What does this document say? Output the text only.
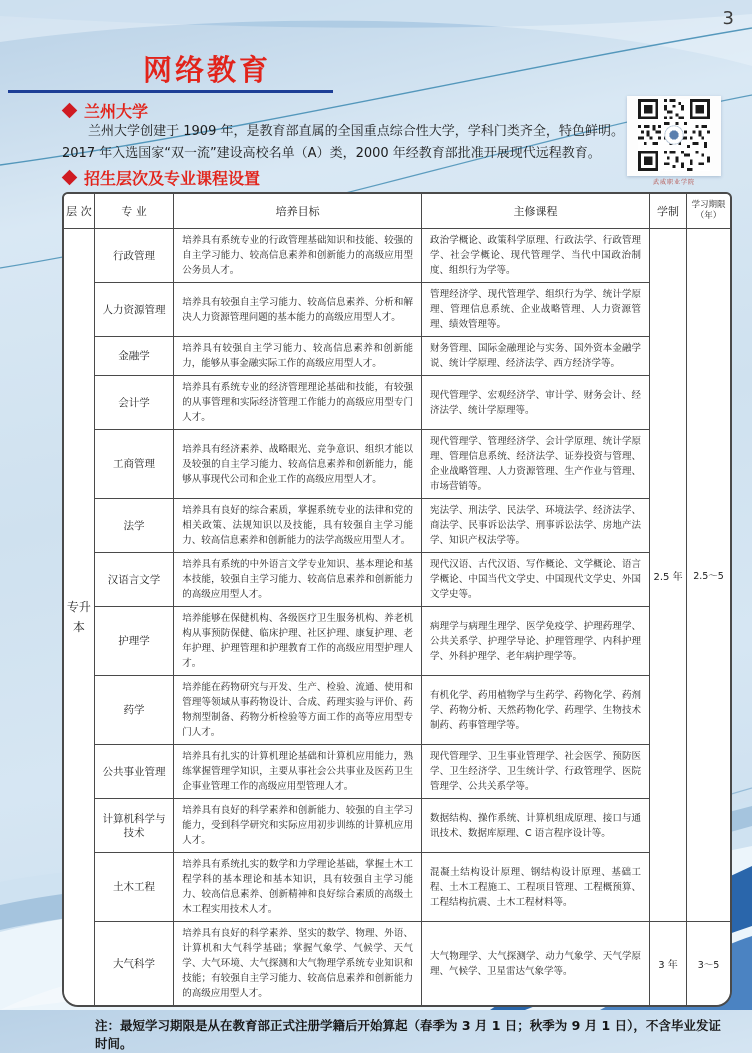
3
网络教育
兰州大学
兰州大学创建于 1909 年，是教育部直属的全国重点综合性大学，学科门类齐全，特色鲜明。2017 年入选国家“双一流”建设高校名单（A）类，2000 年经教育部批准开展现代远程教育。
招生层次及专业课程设置	武威职业学院
层 次	专 业	培养目标	主修课程	学制	学习期限（年）
专升本	行政管理	培养具有系统专业的行政管理基础知识和技能、较强的自主学习能力、较高信息素养和创新能力的高级应用型公务员人才。	政治学概论、政策科学原理、行政法学、行政管理学、社会学概论、现代管理学、当代中国政治制度、组织行为学等。	2.5 年	2.5～5
	人力资源管理	培养具有较强自主学习能力、较高信息素养、分析和解决人力资源管理问题的基本能力的高级应用型人才。	管理经济学、现代管理学、组织行为学、统计学原理、管理信息系统、企业战略管理、人力资源管理、绩效管理等。		
	金融学	培养具有较强自主学习能力、较高信息素养和创新能力，能够从事金融实际工作的高级应用型人才。	财务管理、国际金融理论与实务、国外资本金融学说、统计学原理、经济法学、西方经济学等。		
	会计学	培养具有系统专业的经济管理理论基础和技能，有较强的从事管理和实际经济管理工作能力的高级应用型专门人才。	现代管理学、宏观经济学、审计学、财务会计、经济法学、统计学原理等。		
	工商管理	培养具有经济素养、战略眼光、竞争意识、组织才能以及较强的自主学习能力、较高信息素养和创新能力，能够从事现代公司和企业工作的高级应用型人才。	现代管理学、管理经济学、会计学原理、统计学原理、管理信息系统、经济法学、证券投资与管理、企业战略管理、人力资源管理、生产作业与管理、市场营销等。		
	法学	培养具有良好的综合素质，掌握系统专业的法律和党的相关政策、法规知识以及技能，具有较强自主学习能力、较高信息素养和创新能力的法学高级应用型人才。	宪法学、刑法学、民法学、环境法学、经济法学、商法学、民事诉讼法学、刑事诉讼法学、房地产法学、知识产权法学等。		
	汉语言文学	培养具有系统的中外语言文学专业知识、基本理论和基本技能，较强自主学习能力、较高信息素养和创新能力的高级应用型人才。	现代汉语、古代汉语、写作概论、文学概论、语言学概论、中国当代文学史、中国现代文学史、外国文学史等。		
	护理学	培养能够在保健机构、各级医疗卫生服务机构、养老机构从事预防保健、临床护理、社区护理、康复护理、老年护理、护理管理和护理教育工作的高级应用型护理人才。	病理学与病理生理学、医学免疫学、护理药理学、公共关系学、护理学导论、护理管理学、内科护理学、外科护理学、老年病护理学等。		
	药学	培养能在药物研究与开发、生产、检验、流通、使用和管理等领域从事药物设计、合成、药理实验与评价、药物剂型制备、药物分析检验等方面工作的高等应用型专门人才。	有机化学、药用植物学与生药学、药物化学、药剂学、药物分析、天然药物化学、药理学、生物技术制药、药事管理学等。		
	公共事业管理	培养具有扎实的计算机理论基础和计算机应用能力，熟练掌握管理学知识，主要从事社会公共事业及医药卫生企事业管理工作的高级应用型管理人才。	现代管理学、卫生事业管理学、社会医学、预防医学、卫生经济学、卫生统计学、行政管理学、医院管理学、公共关系学等。		
	计算机科学与技术	培养具有良好的科学素养和创新能力、较强的自主学习能力，受到科学研究和实际应用初步训练的计算机应用人才。	数据结构、操作系统、计算机组成原理、接口与通讯技术、数据库原理、C 语言程序设计等。		
	土木工程	培养具有系统扎实的数学和力学理论基础，掌握土木工程学科的基本理论和基本知识，具有较强自主学习能力、较高信息素养、创新精神和良好综合素质的高级土木工程实用技术人才。	混凝土结构设计原理、钢结构设计原理、基础工程、土木工程施工、工程项目管理、工程概预算、工程结构抗震、土木工程材料等。		
	大气科学	培养具有良好的科学素养、坚实的数学、物理、外语、计算机和大气科学基础；掌握气象学、气候学、天气学、大气环境、大气探测和大气物理学系统专业知识和技能；有较强自主学习能力、较高信息素养和创新能力的高级应用型人才。	大气物理学、大气探测学、动力气象学、天气学原理、气候学、卫星雷达气象学等。	3 年	3～5
注：最短学习期限是从在教育部正式注册学籍后开始算起（春季为 3 月 1 日；秋季为 9 月 1 日），不含毕业发证时间。
